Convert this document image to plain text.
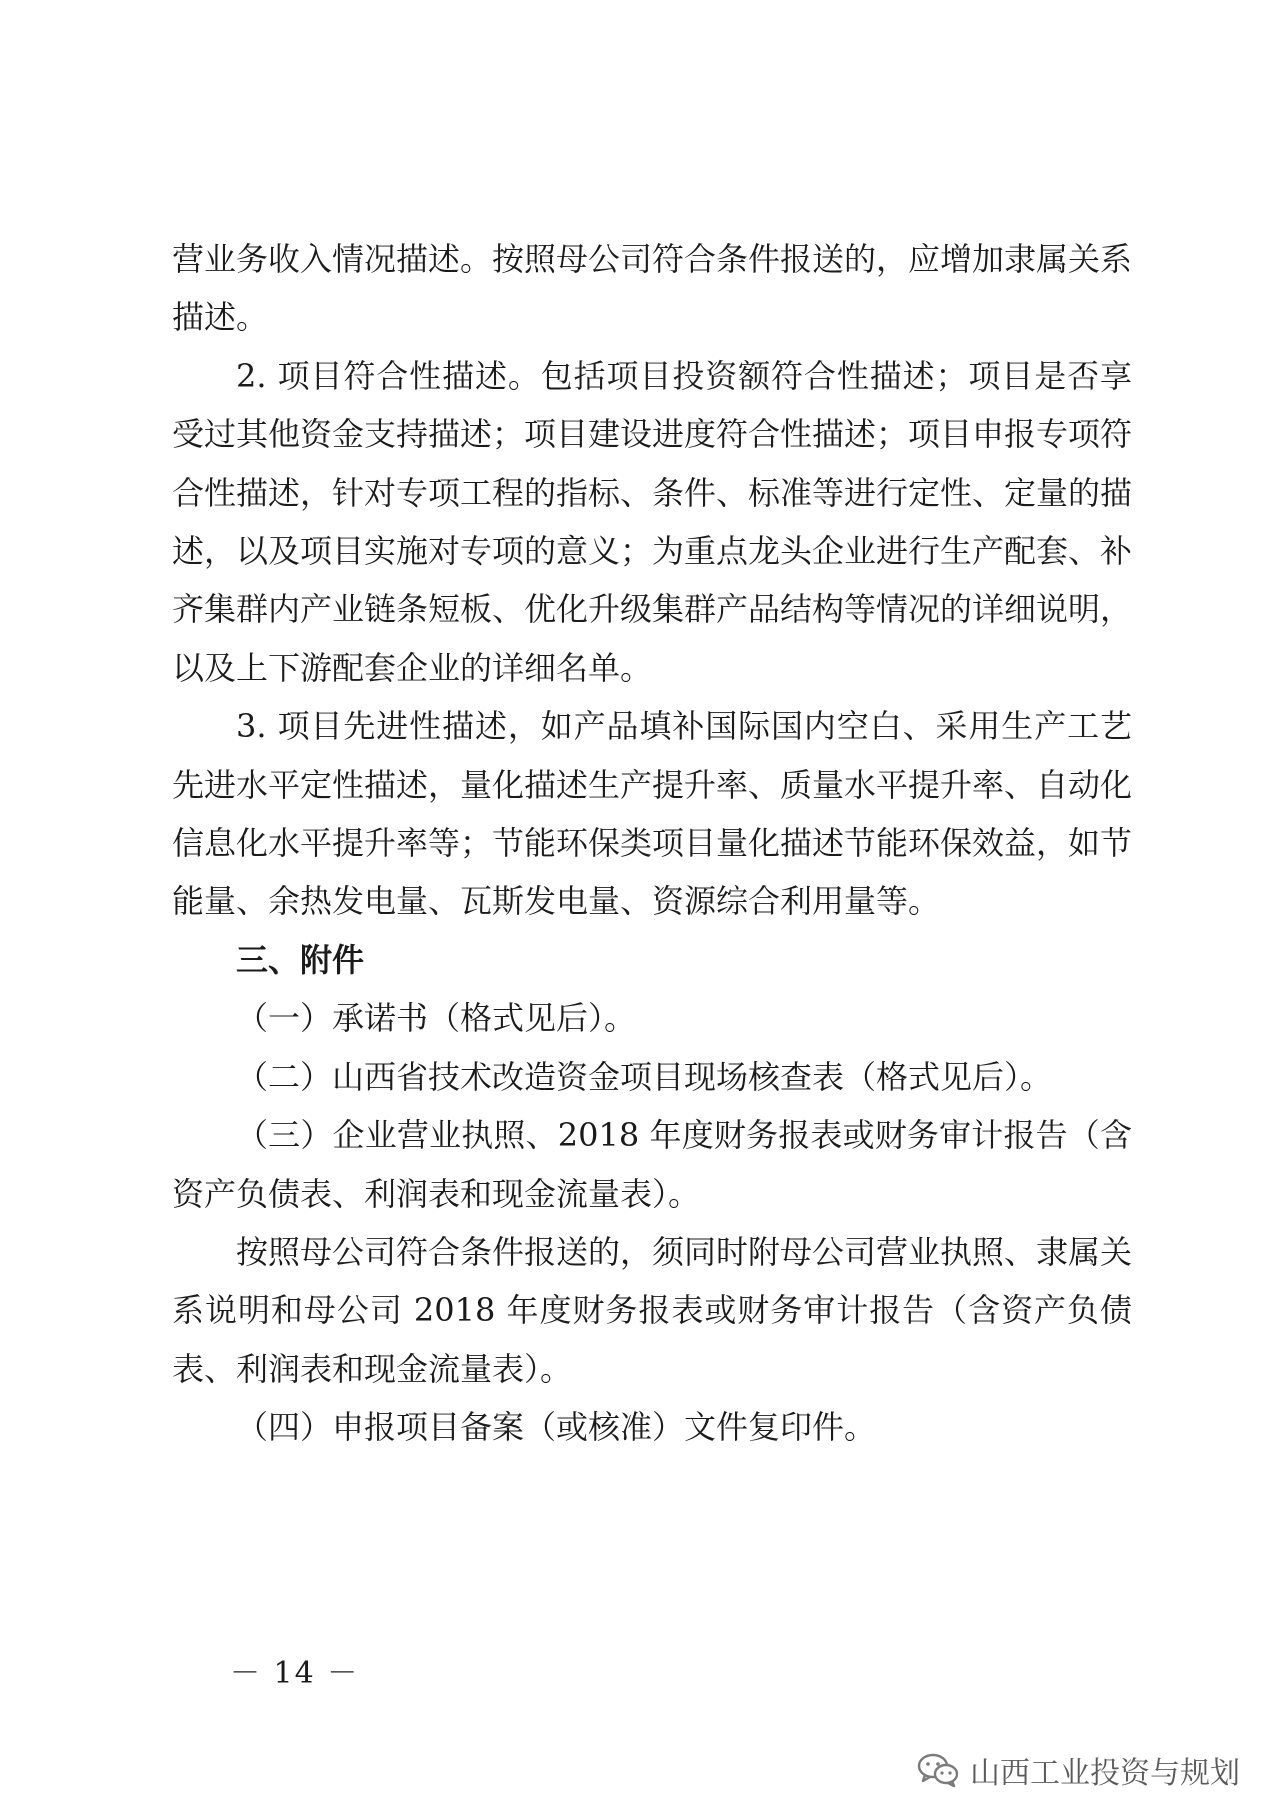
营业务收入情况描述。按照母公司符合条件报送的，应增加隶属关系描述。

2. 项目符合性描述。包括项目投资额符合性描述；项目是否享受过其他资金支持描述；项目建设进度符合性描述；项目申报专项符合性描述，针对专项工程的指标、条件、标准等进行定性、定量的描述，以及项目实施对专项的意义；为重点龙头企业进行生产配套、补齐集群内产业链条短板、优化升级集群产品结构等情况的详细说明，以及上下游配套企业的详细名单。

3. 项目先进性描述，如产品填补国际国内空白、采用生产工艺先进水平定性描述，量化描述生产提升率、质量水平提升率、自动化信息化水平提升率等；节能环保类项目量化描述节能环保效益，如节能量、余热发电量、瓦斯发电量、资源综合利用量等。

三、附件

（一）承诺书（格式见后）。

（二）山西省技术改造资金项目现场核查表（格式见后）。

（三）企业营业执照、2018 年度财务报表或财务审计报告（含资产负债表、利润表和现金流量表）。

按照母公司符合条件报送的，须同时附母公司营业执照、隶属关系说明和母公司 2018 年度财务报表或财务审计报告（含资产负债表、利润表和现金流量表）。

（四）申报项目备案（或核准）文件复印件。

－ 14 －
山西工业投资与规划
